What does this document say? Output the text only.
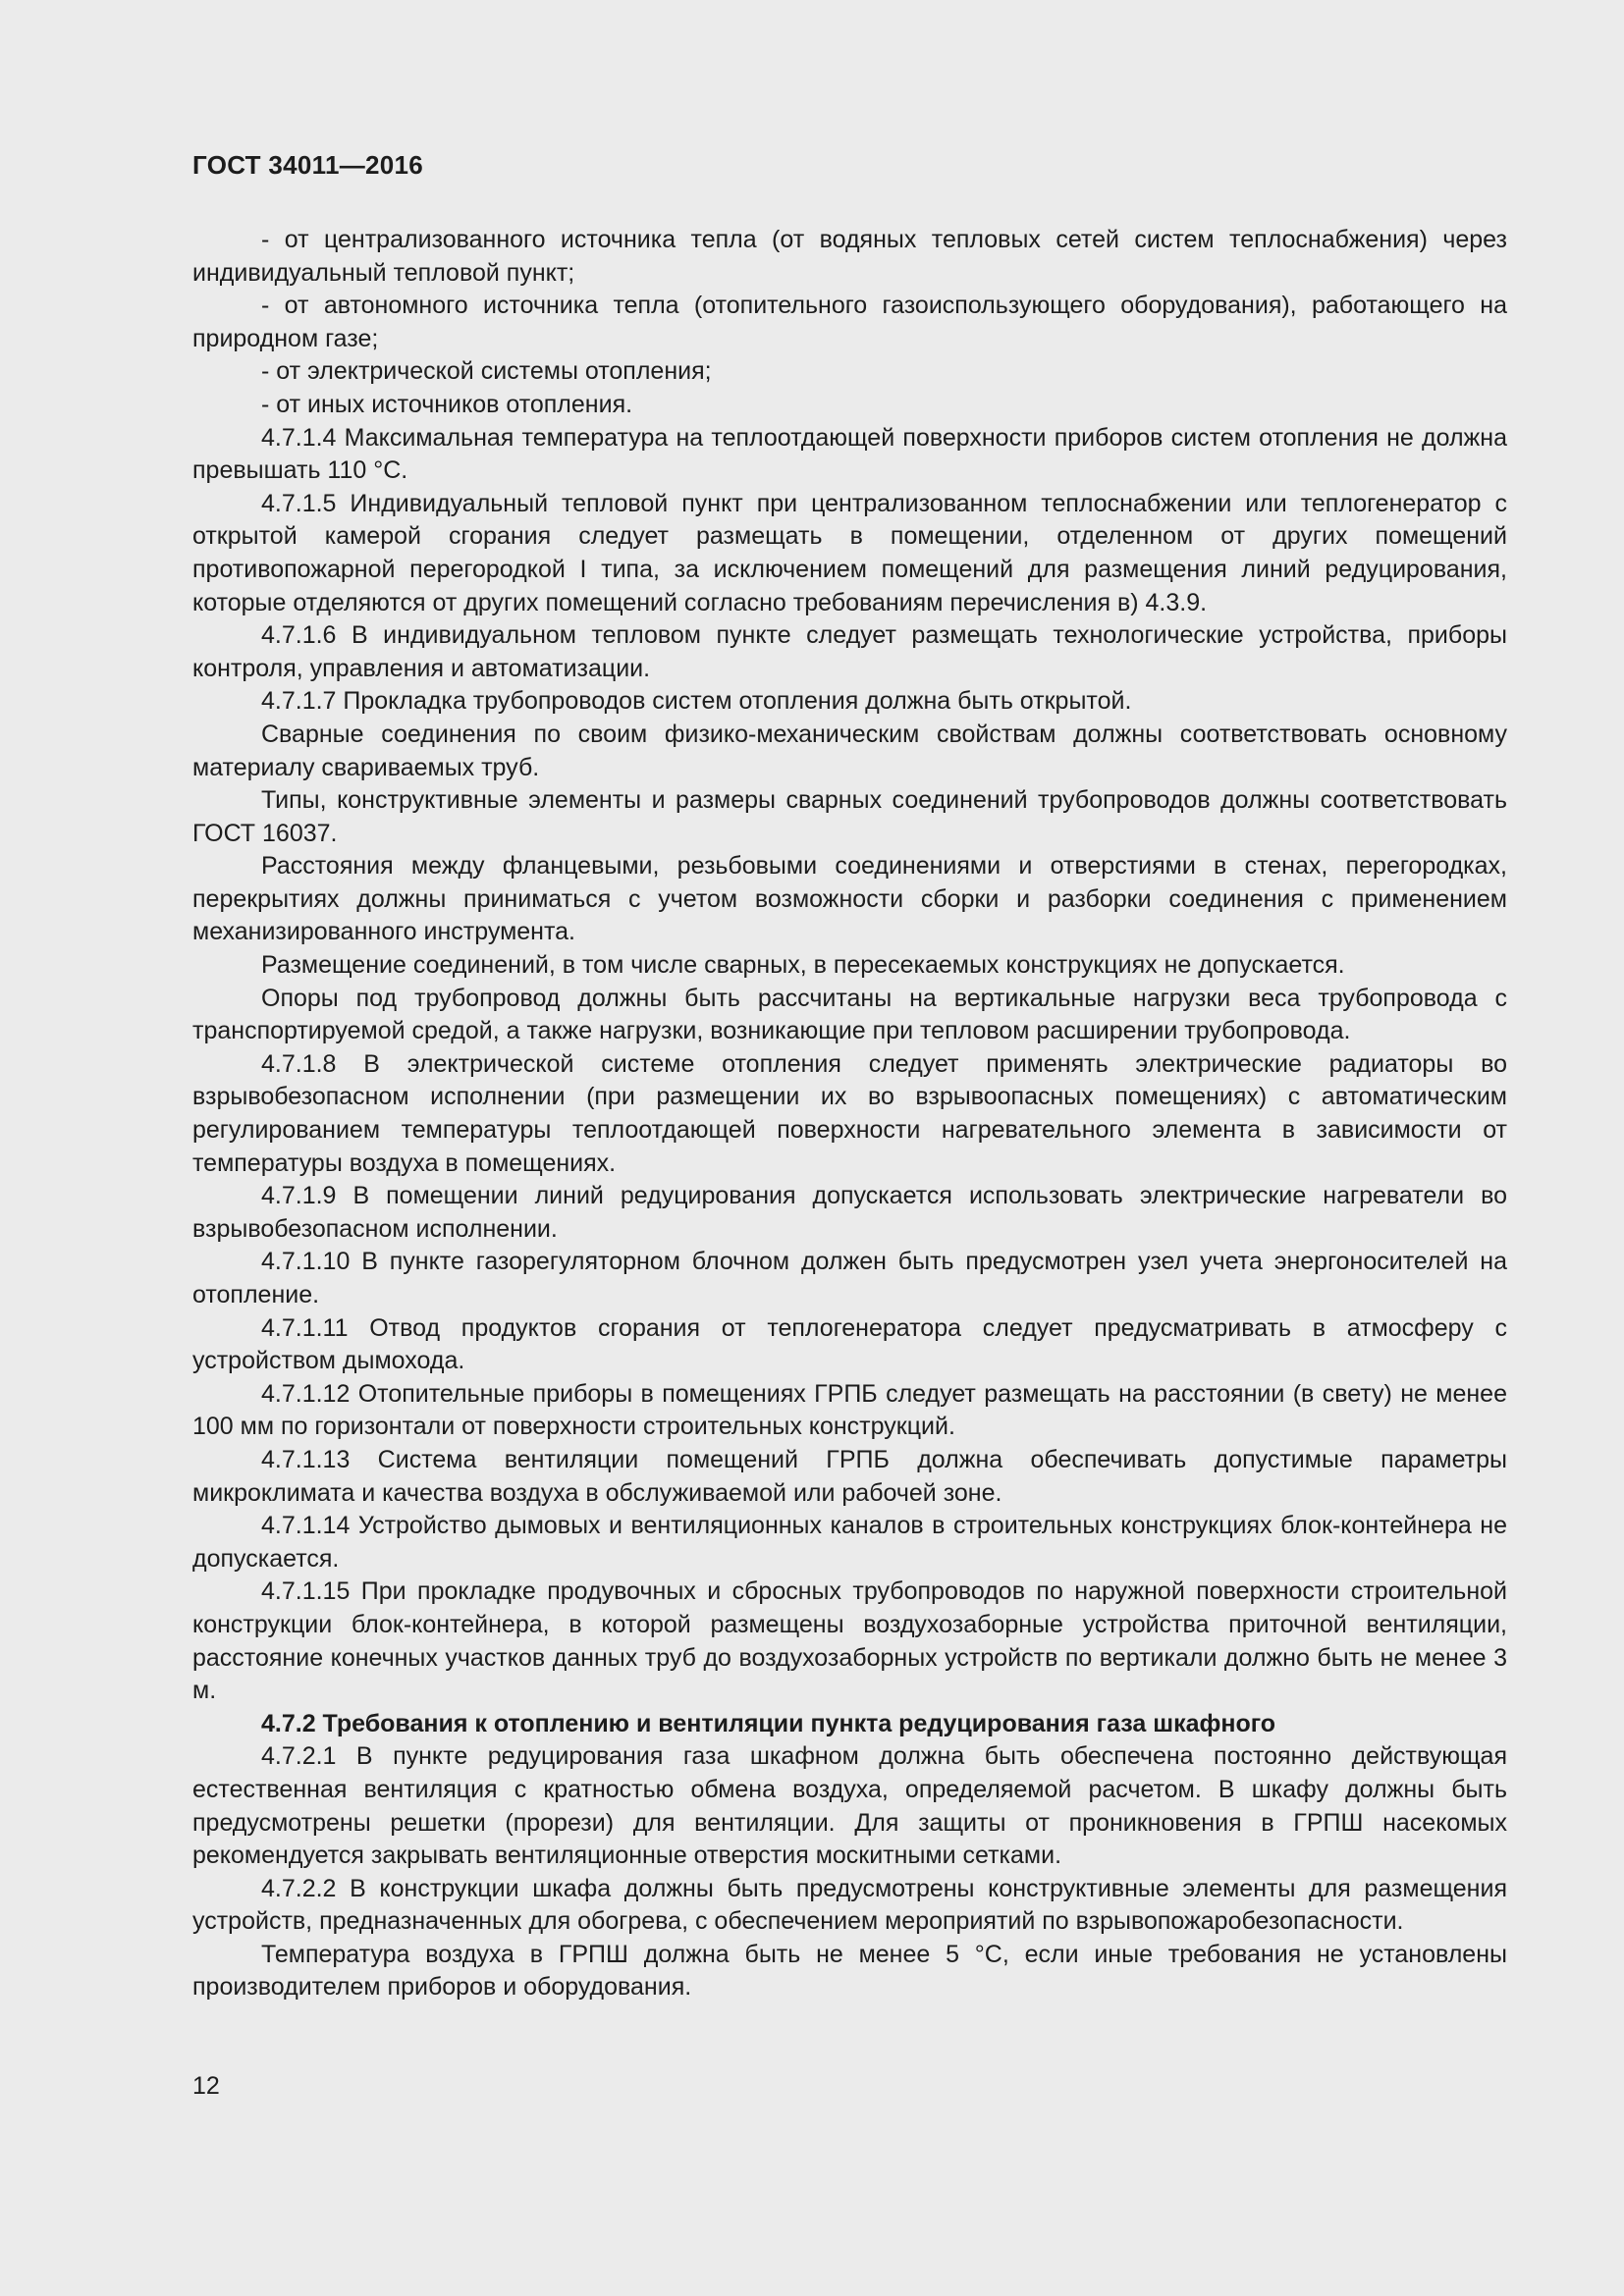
ГОСТ 34011—2016

- от централизованного источника тепла (от водяных тепловых сетей систем теплоснабжения) через индивидуальный тепловой пункт;

- от автономного источника тепла (отопительного газоиспользующего оборудования), работающего на природном газе;

- от электрической системы отопления;

- от иных источников отопления.

4.7.1.4 Максимальная температура на теплоотдающей поверхности приборов систем отопления не должна превышать 110 °С.

4.7.1.5 Индивидуальный тепловой пункт при централизованном теплоснабжении или теплогенератор с открытой камерой сгорания следует размещать в помещении, отделенном от других помещений противопожарной перегородкой I типа, за исключением помещений для размещения линий редуцирования, которые отделяются от других помещений согласно требованиям перечисления в) 4.3.9.

4.7.1.6 В индивидуальном тепловом пункте следует размещать технологические устройства, приборы контроля, управления и автоматизации.

4.7.1.7 Прокладка трубопроводов систем отопления должна быть открытой.

Сварные соединения по своим физико-механическим свойствам должны соответствовать основному материалу свариваемых труб.

Типы, конструктивные элементы и размеры сварных соединений трубопроводов должны соответствовать ГОСТ 16037.

Расстояния между фланцевыми, резьбовыми соединениями и отверстиями в стенах, перегородках, перекрытиях должны приниматься с учетом возможности сборки и разборки соединения с применением механизированного инструмента.

Размещение соединений, в том числе сварных, в пересекаемых конструкциях не допускается.

Опоры под трубопровод должны быть рассчитаны на вертикальные нагрузки веса трубопровода с транспортируемой средой, а также нагрузки, возникающие при тепловом расширении трубопровода.

4.7.1.8 В электрической системе отопления следует применять электрические радиаторы во взрывобезопасном исполнении (при размещении их во взрывоопасных помещениях) с автоматическим регулированием температуры теплоотдающей поверхности нагревательного элемента в зависимости от температуры воздуха в помещениях.

4.7.1.9 В помещении линий редуцирования допускается использовать электрические нагреватели во взрывобезопасном исполнении.

4.7.1.10 В пункте газорегуляторном блочном должен быть предусмотрен узел учета энергоносителей на отопление.

4.7.1.11 Отвод продуктов сгорания от теплогенератора следует предусматривать в атмосферу с устройством дымохода.

4.7.1.12 Отопительные приборы в помещениях ГРПБ следует размещать на расстоянии (в свету) не менее 100 мм по горизонтали от поверхности строительных конструкций.

4.7.1.13 Система вентиляции помещений ГРПБ должна обеспечивать допустимые параметры микроклимата и качества воздуха в обслуживаемой или рабочей зоне.

4.7.1.14 Устройство дымовых и вентиляционных каналов в строительных конструкциях блок-контейнера не допускается.

4.7.1.15 При прокладке продувочных и сбросных трубопроводов по наружной поверхности строительной конструкции блок-контейнера, в которой размещены воздухозаборные устройства приточной вентиляции, расстояние конечных участков данных труб до воздухозаборных устройств по вертикали должно быть не менее 3 м.

4.7.2 Требования к отоплению и вентиляции пункта редуцирования газа шкафного

4.7.2.1 В пункте редуцирования газа шкафном должна быть обеспечена постоянно действующая естественная вентиляция с кратностью обмена воздуха, определяемой расчетом. В шкафу должны быть предусмотрены решетки (прорези) для вентиляции. Для защиты от проникновения в ГРПШ насекомых рекомендуется закрывать вентиляционные отверстия москитными сетками.

4.7.2.2 В конструкции шкафа должны быть предусмотрены конструктивные элементы для размещения устройств, предназначенных для обогрева, с обеспечением мероприятий по взрывопожаробезопасности.

Температура воздуха в ГРПШ должна быть не менее 5 °С, если иные требования не установлены производителем приборов и оборудования.

12
